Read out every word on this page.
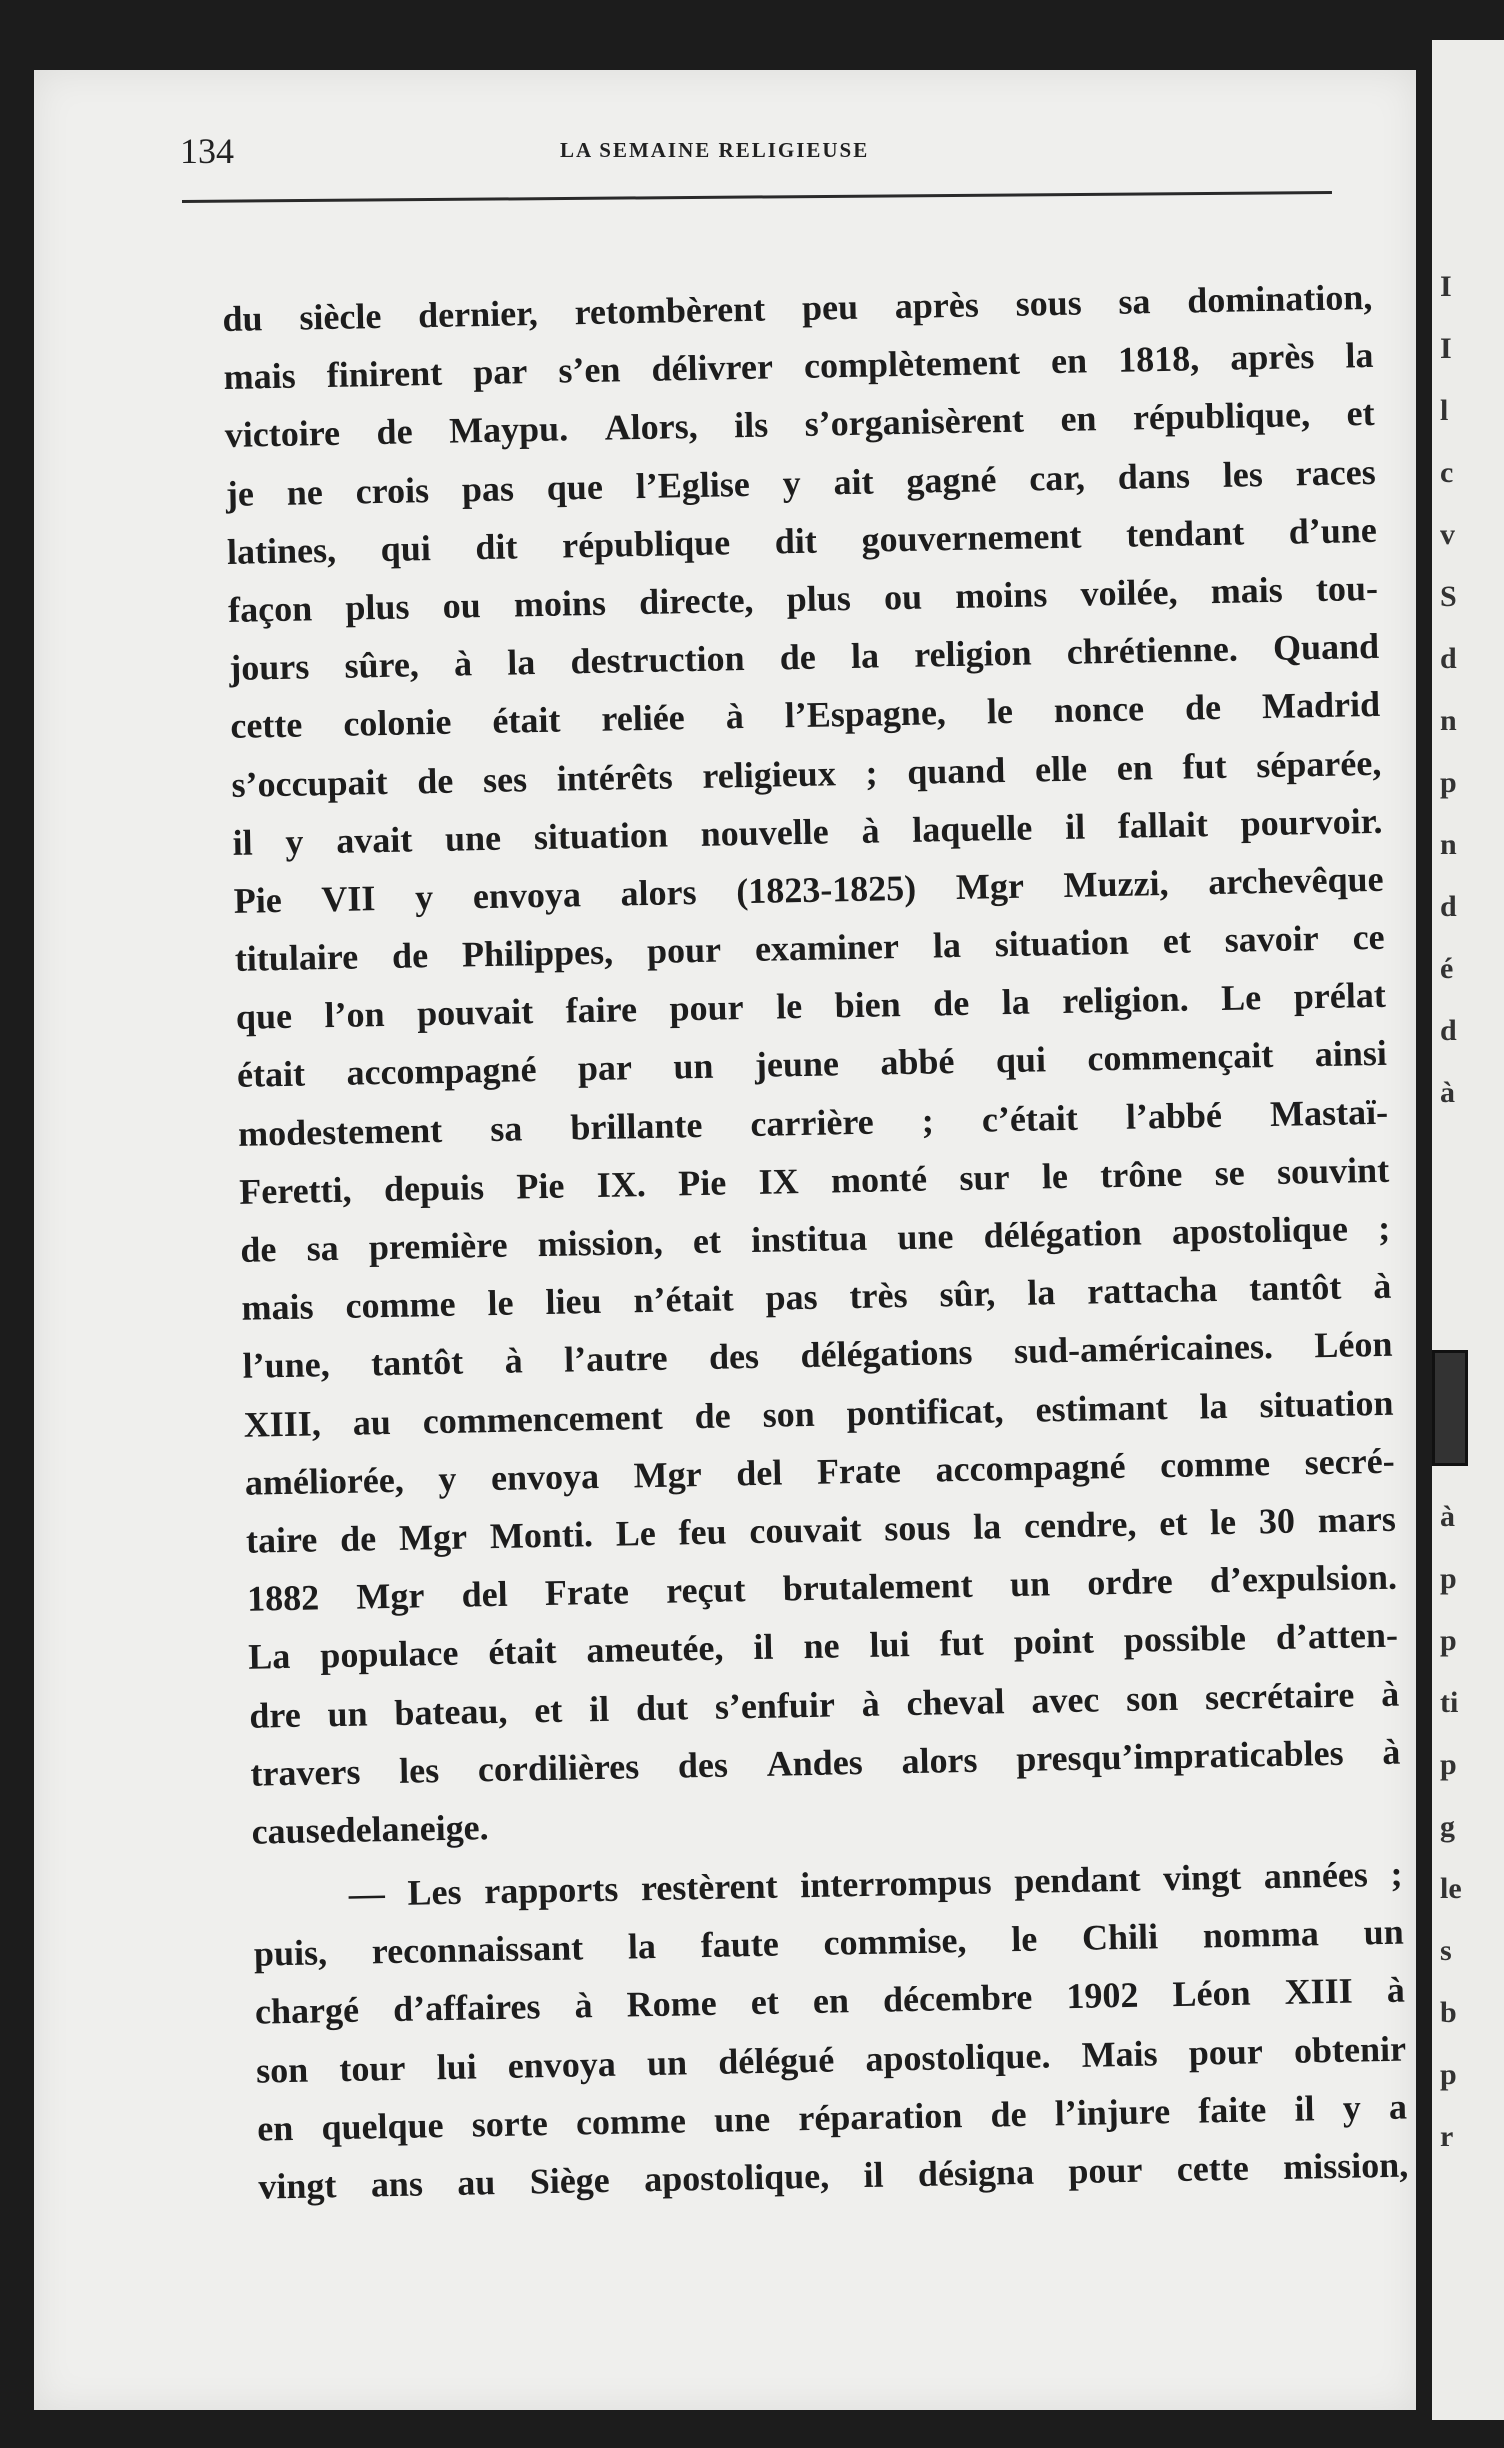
134	LA SEMAINE RELIGIEUSE
du siècle dernier, retombèrent peu après sous sa domination,
mais finirent par s’en délivrer complètement en 1818, après la
victoire de Maypu. Alors, ils s’organisèrent en république, et
je ne crois pas que l’Eglise y ait gagné car, dans les races
latines, qui dit république dit gouvernement tendant d’une
façon plus ou moins directe, plus ou moins voilée, mais tou-
jours sûre, à la destruction de la religion chrétienne. Quand
cette colonie était reliée à l’Espagne, le nonce de Madrid
s’occupait de ses intérêts religieux ; quand elle en fut séparée,
il y avait une situation nouvelle à laquelle il fallait pourvoir.
Pie VII y envoya alors (1823-1825) Mgr Muzzi, archevêque
titulaire de Philippes, pour examiner la situation et savoir ce
que l’on pouvait faire pour le bien de la religion. Le prélat
était accompagné par un jeune abbé qui commençait ainsi
modestement sa brillante carrière ; c’était l’abbé Mastaï-
Feretti, depuis Pie IX. Pie IX monté sur le trône se souvint
de sa première mission, et institua une délégation apostolique ;
mais comme le lieu n’était pas très sûr, la rattacha tantôt à
l’une, tantôt à l’autre des délégations sud-américaines. Léon
XIII, au commencement de son pontificat, estimant la situation
améliorée, y envoya Mgr del Frate accompagné comme secré-
taire de Mgr Monti. Le feu couvait sous la cendre, et le 30 mars
1882 Mgr del Frate reçut brutalement un ordre d’expulsion.
La populace était ameutée, il ne lui fut point possible d’atten-
dre un bateau, et il dut s’enfuir à cheval avec son secrétaire à
travers les cordilières des Andes alors presqu’impraticables à
cause de la neige.
— Les rapports restèrent interrompus pendant vingt années ;
puis, reconnaissant la faute commise, le Chili nomma un
chargé d’affaires à Rome et en décembre 1902 Léon XIII à
son tour lui envoya un délégué apostolique. Mais pour obtenir
en quelque sorte comme une réparation de l’injure faite il y a
vingt ans au Siège apostolique, il désigna pour cette mission,
I
I
l
c
v
S
d
n
p
n
d
é
d
à
à
p
p
ti
p
g
le
s
b
p
r
